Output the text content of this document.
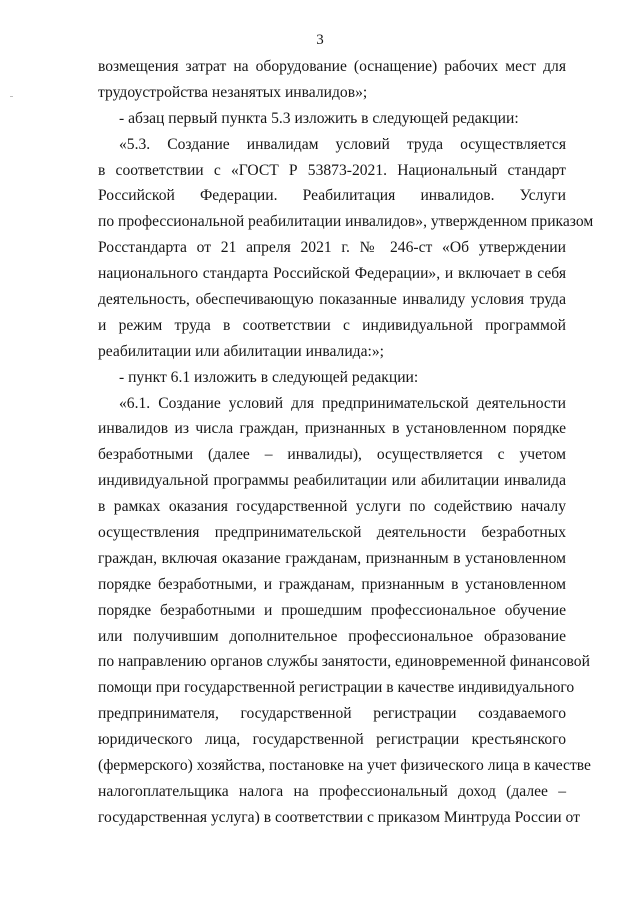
3
возмещения затрат на оборудование (оснащение) рабочих мест для
трудоустройства незанятых инвалидов»;
- абзац первый пункта 5.3 изложить в следующей редакции:
«5.3. Создание инвалидам условий труда осуществляется
в соответствии с «ГОСТ Р 53873-2021. Национальный стандарт
Российской Федерации. Реабилитация инвалидов. Услуги
по профессиональной реабилитации инвалидов», утвержденном приказом
Росстандарта от 21 апреля 2021 г. № 246-ст «Об утверждении
национального стандарта Российской Федерации», и включает в себя
деятельность, обеспечивающую показанные инвалиду условия труда
и режим труда в соответствии с индивидуальной программой
реабилитации или абилитации инвалида:»;
- пункт 6.1 изложить в следующей редакции:
«6.1. Создание условий для предпринимательской деятельности
инвалидов из числа граждан, признанных в установленном порядке
безработными (далее – инвалиды), осуществляется с учетом
индивидуальной программы реабилитации или абилитации инвалида
в рамках оказания государственной услуги по содействию началу
осуществления предпринимательской деятельности безработных
граждан, включая оказание гражданам, признанным в установленном
порядке безработными, и гражданам, признанным в установленном
порядке безработными и прошедшим профессиональное обучение
или получившим дополнительное профессиональное образование
по направлению органов службы занятости, единовременной финансовой
помощи при государственной регистрации в качестве индивидуального
предпринимателя, государственной регистрации создаваемого
юридического лица, государственной регистрации крестьянского
(фермерского) хозяйства, постановке на учет физического лица в качестве
налогоплательщика налога на профессиональный доход (далее –
государственная услуга) в соответствии с приказом Минтруда России от
